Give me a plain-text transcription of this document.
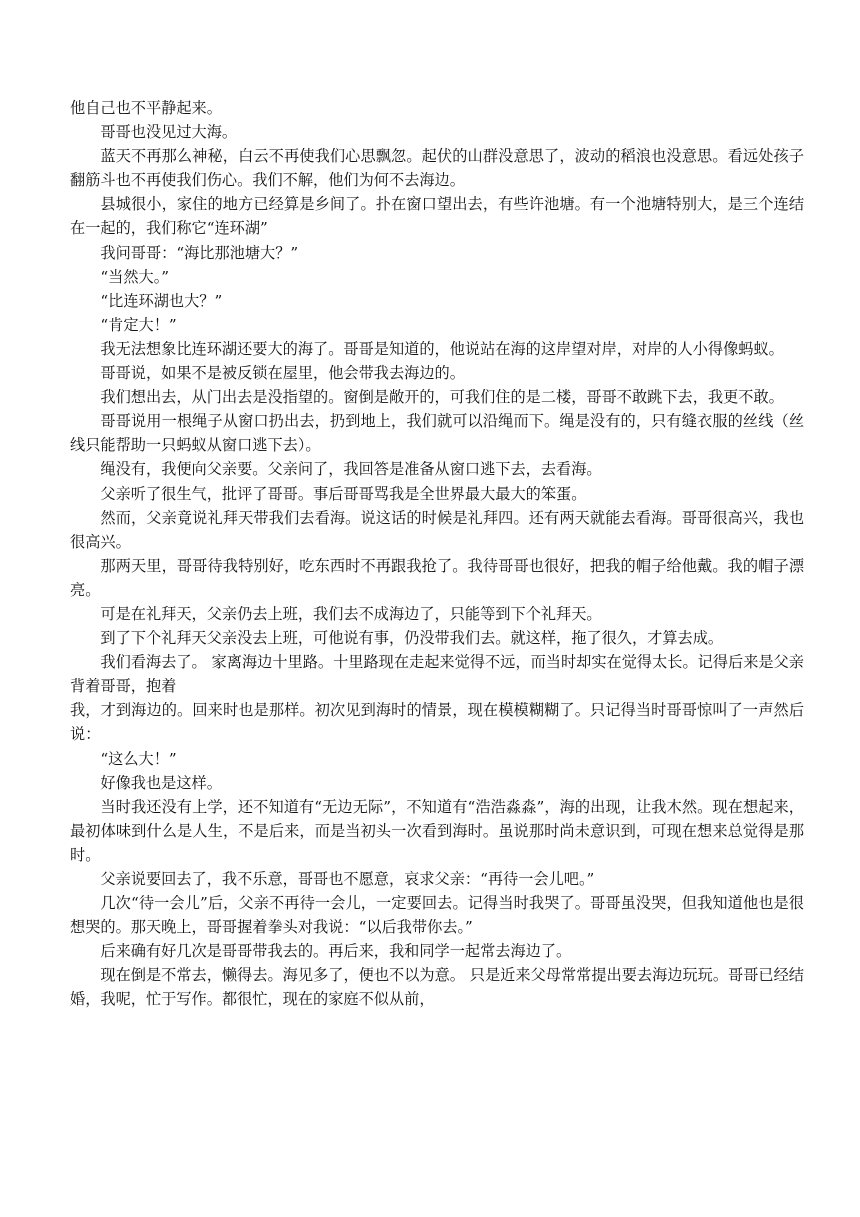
他自己也不平静起来。

哥哥也没见过大海。

蓝天不再那么神秘，白云不再使我们心思飘忽。起伏的山群没意思了，波动的稻浪也没意思。看远处孩子翻筋斗也不再使我们伤心。我们不解，他们为何不去海边。

县城很小，家住的地方已经算是乡间了。扑在窗口望出去，有些许池塘。有一个池塘特别大，是三个连结在一起的，我们称它“连环湖”

我问哥哥：“海比那池塘大？”

“当然大。”

“比连环湖也大？”

“肯定大！”

我无法想象比连环湖还要大的海了。哥哥是知道的，他说站在海的这岸望对岸，对岸的人小得像蚂蚁。

哥哥说，如果不是被反锁在屋里，他会带我去海边的。

我们想出去，从门出去是没指望的。窗倒是敞开的，可我们住的是二楼，哥哥不敢跳下去，我更不敢。

哥哥说用一根绳子从窗口扔出去，扔到地上，我们就可以沿绳而下。绳是没有的，只有缝衣服的丝线（丝线只能帮助一只蚂蚁从窗口逃下去）。

绳没有，我便向父亲要。父亲问了，我回答是准备从窗口逃下去，去看海。

父亲听了很生气，批评了哥哥。事后哥哥骂我是全世界最大最大的笨蛋。

然而，父亲竟说礼拜天带我们去看海。说这话的时候是礼拜四。还有两天就能去看海。哥哥很高兴，我也很高兴。

那两天里，哥哥待我特别好，吃东西时不再跟我抢了。我待哥哥也很好，把我的帽子给他戴。我的帽子漂亮。

可是在礼拜天，父亲仍去上班，我们去不成海边了，只能等到下个礼拜天。

到了下个礼拜天父亲没去上班，可他说有事，仍没带我们去。就这样，拖了很久，才算去成。

我们看海去了。 家离海边十里路。十里路现在走起来觉得不远，而当时却实在觉得太长。记得后来是父亲背着哥哥，抱着

我，才到海边的。回来时也是那样。初次见到海时的情景，现在模模糊糊了。只记得当时哥哥惊叫了一声然后说：

“这么大！”

好像我也是这样。

当时我还没有上学，还不知道有“无边无际”，不知道有“浩浩淼淼”，海的出现，让我木然。现在想起来，最初体味到什么是人生，不是后来，而是当初头一次看到海时。虽说那时尚未意识到，可现在想来总觉得是那时。

父亲说要回去了，我不乐意，哥哥也不愿意，哀求父亲：“再待一会儿吧。”

几次“待一会儿”后，父亲不再待一会儿，一定要回去。记得当时我哭了。哥哥虽没哭，但我知道他也是很想哭的。那天晚上，哥哥握着拳头对我说：“以后我带你去。”

后来确有好几次是哥哥带我去的。再后来，我和同学一起常去海边了。

现在倒是不常去，懒得去。海见多了，便也不以为意。 只是近来父母常常提出要去海边玩玩。哥哥已经结婚，我呢，忙于写作。都很忙，现在的家庭不似从前，
